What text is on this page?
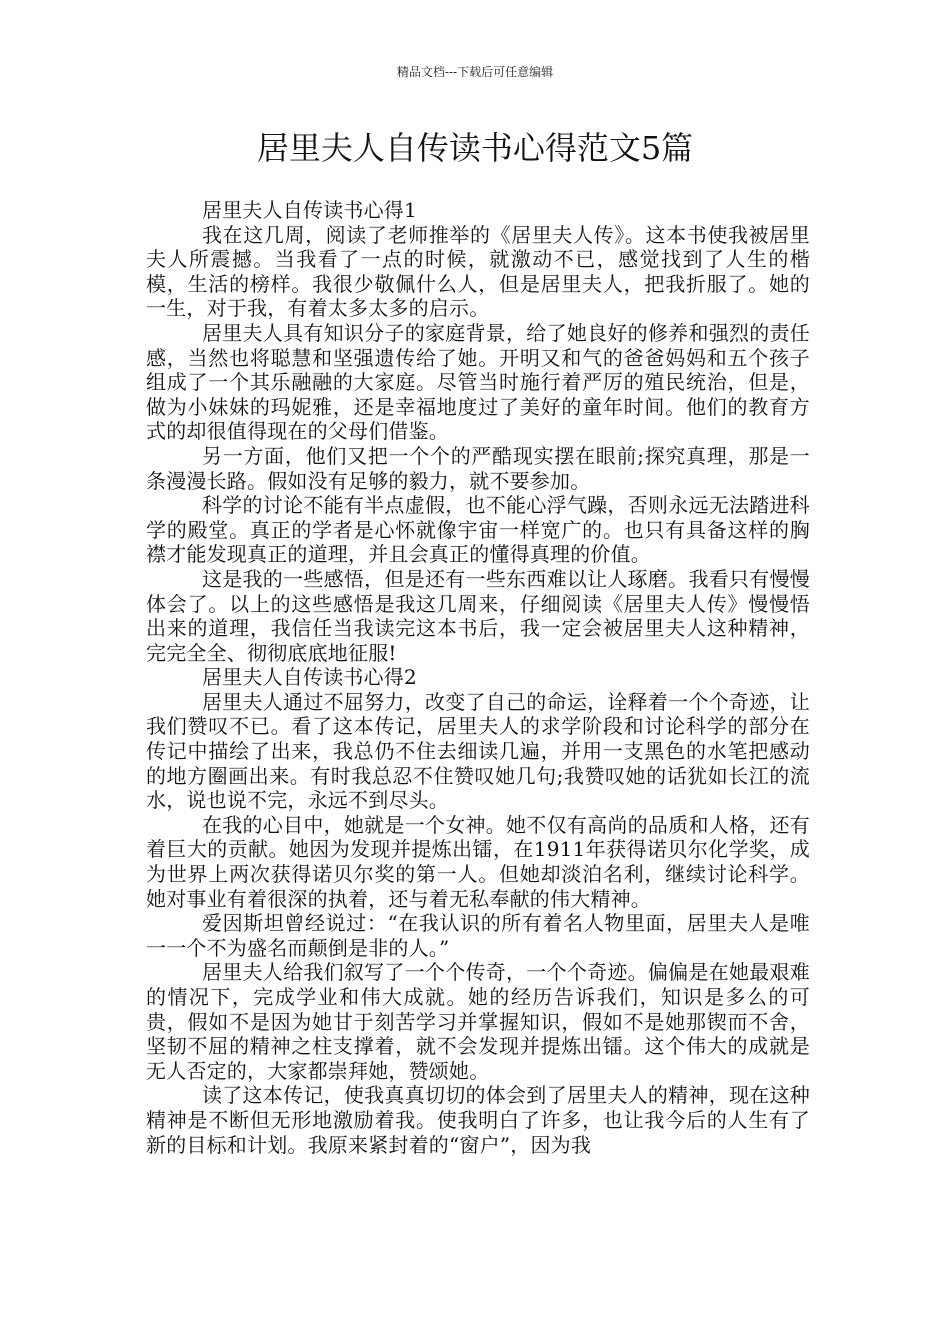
精品文档---下载后可任意编辑
居里夫人自传读书心得范文5篇

居里夫人自传读书心得1

我在这几周，阅读了老师推举的《居里夫人传》。这本书使我被居里夫人所震撼。当我看了一点的时候，就激动不已，感觉找到了人生的楷模，生活的榜样。我很少敬佩什么人，但是居里夫人，把我折服了。她的一生，对于我，有着太多太多的启示。

居里夫人具有知识分子的家庭背景，给了她良好的修养和强烈的责任感，当然也将聪慧和坚强遗传给了她。开明又和气的爸爸妈妈和五个孩子组成了一个其乐融融的大家庭。尽管当时施行着严厉的殖民统治，但是，做为小妹妹的玛妮雅，还是幸福地度过了美好的童年时间。他们的教育方式的却很值得现在的父母们借鉴。

另一方面，他们又把一个个的严酷现实摆在眼前;探究真理，那是一条漫漫长路。假如没有足够的毅力，就不要参加。

科学的讨论不能有半点虚假，也不能心浮气躁，否则永远无法踏进科学的殿堂。真正的学者是心怀就像宇宙一样宽广的。也只有具备这样的胸襟才能发现真正的道理，并且会真正的懂得真理的价值。

这是我的一些感悟，但是还有一些东西难以让人琢磨。我看只有慢慢体会了。以上的这些感悟是我这几周来，仔细阅读《居里夫人传》慢慢悟出来的道理，我信任当我读完这本书后，我一定会被居里夫人这种精神，完完全全、彻彻底底地征服!

居里夫人自传读书心得2

居里夫人通过不屈努力，改变了自己的命运，诠释着一个个奇迹，让我们赞叹不已。看了这本传记，居里夫人的求学阶段和讨论科学的部分在传记中描绘了出来，我总仍不住去细读几遍，并用一支黑色的水笔把感动的地方圈画出来。有时我总忍不住赞叹她几句;我赞叹她的话犹如长江的流水，说也说不完，永远不到尽头。

在我的心目中，她就是一个女神。她不仅有高尚的品质和人格，还有着巨大的贡献。她因为发现并提炼出镭，在1911年获得诺贝尔化学奖，成为世界上两次获得诺贝尔奖的第一人。但她却淡泊名利，继续讨论科学。她对事业有着很深的执着，还与着无私奉献的伟大精神。

爱因斯坦曾经说过：“在我认识的所有着名人物里面，居里夫人是唯一一个不为盛名而颠倒是非的人。”

居里夫人给我们叙写了一个个传奇，一个个奇迹。偏偏是在她最艰难的情况下，完成学业和伟大成就。她的经历告诉我们，知识是多么的可贵，假如不是因为她甘于刻苦学习并掌握知识，假如不是她那锲而不舍，坚韧不屈的精神之柱支撑着，就不会发现并提炼出镭。这个伟大的成就是无人否定的，大家都崇拜她，赞颂她。

读了这本传记，使我真真切切的体会到了居里夫人的精神，现在这种精神是不断但无形地激励着我。使我明白了许多，也让我今后的人生有了新的目标和计划。我原来紧封着的“窗户”，因为我
